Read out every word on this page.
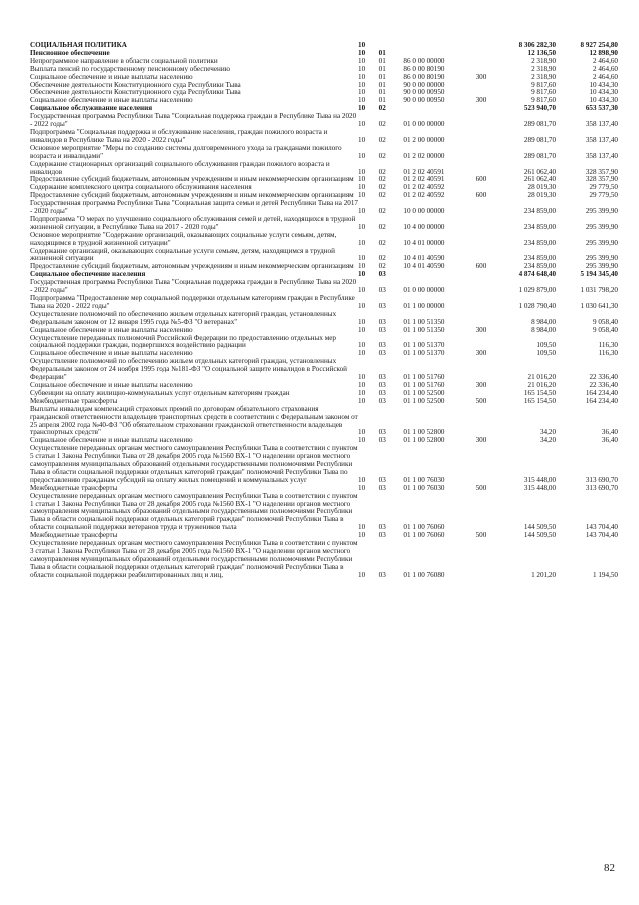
СОЦИАЛЬНАЯ ПОЛИТИКА	10				8 306 282,30	8 927 254,80
Пенсионное обеспечение	10	01			12 136,50	12 898,90
Непрограммное направление в области социальной политики	10	01	86 0 00 00000		2 318,90	2 464,60
Выплата пенсий по государственному пенсионному обеспечению	10	01	86 0 00 80190		2 318,90	2 464,60
Социальное обеспечение и иные выплаты населению	10	01	86 0 00 80190	300	2 318,90	2 464,60
Обеспечение деятельности Конституционного суда Республики Тыва	10	01	90 0 00 00000		9 817,60	10 434,30
Обеспечение деятельности Конституционного суда Республики Тыва	10	01	90 0 00 00950		9 817,60	10 434,30
Социальное обеспечение и иные выплаты населению	10	01	90 0 00 00950	300	9 817,60	10 434,30
Социальное обслуживание населения	10	02			523 940,70	653 537,30
Государственная программа Республики Тыва "Социальная поддержка граждан в Республике Тыва на 2020 - 2022 годы"	10	02	01 0 00 00000		289 081,70	358 137,40
Подпрограмма "Социальная поддержка и обслуживание населения, граждан пожилого возраста и инвалидов в Республике Тыва на 2020 - 2022 годы"	10	02	01 2 00 00000		289 081,70	358 137,40
Основное мероприятие "Меры по созданию системы долговременного ухода за гражданами пожилого возраста и инвалидами"	10	02	01 2 02 00000		289 081,70	358 137,40
Содержание стационарных организаций социального обслуживания граждан пожилого возраста и инвалидов	10	02	01 2 02 40591		261 062,40	328 357,90
Предоставление субсидий бюджетным, автономным учреждениям и иным некоммерческим организациям	10	02	01 2 02 40591	600	261 062,40	328 357,90
Содержание комплексного центра социального обслуживания населения	10	02	01 2 02 40592		28 019,30	29 779,50
Предоставление субсидий бюджетным, автономным учреждениям и иным некоммерческим организациям	10	02	01 2 02 40592	600	28 019,30	29 779,50
Государственная программа Республики Тыва "Социальная защита семьи и детей Республики Тыва на 2017 - 2020 годы"	10	02	10 0 00 00000		234 859,00	295 399,90
Подпрограмма "О мерах по улучшению социального обслуживания семей и детей, находящихся в трудной жизненной ситуации, в Республике Тыва на 2017 - 2020 годы"	10	02	10 4 00 00000		234 859,00	295 399,90
Основное мероприятие "Содержание организаций, оказывающих социальные услуги семьям, детям, находящимся в трудной жизненной ситуации"	10	02	10 4 01 00000		234 859,00	295 399,90
Содержание организаций, оказывающих социальные услуги семьям, детям, находящимся в трудной жизненной ситуации	10	02	10 4 01 40590		234 859,00	295 399,90
Предоставление субсидий бюджетным, автономным учреждениям и иным некоммерческим организациям	10	02	10 4 01 40590	600	234 859,00	295 399,90
Социальное обеспечение населения	10	03			4 874 648,40	5 194 345,40
Государственная программа Республики Тыва "Социальная поддержка граждан в Республике Тыва на 2020 - 2022 годы"	10	03	01 0 00 00000		1 029 879,00	1 031 798,20
Подпрограмма "Предоставление мер социальной поддержки отдельным категориям граждан в Республике Тыва на 2020 - 2022 годы"	10	03	01 1 00 00000		1 028 790,40	1 030 641,30
Осуществление полномочий по обеспечению жильем отдельных категорий граждан, установленных Федеральным законом от 12 января 1995 года №5-ФЗ "О ветеранах"	10	03	01 1 00 51350		8 984,00	9 058,40
Социальное обеспечение и иные выплаты населению	10	03	01 1 00 51350	300	8 984,00	9 058,40
Осуществление переданных полномочий Российской Федерации по предоставлению отдельных мер социальной поддержки граждан, подвергшихся воздействию радиации	10	03	01 1 00 51370		109,50	116,30
Социальное обеспечение и иные выплаты населению	10	03	01 1 00 51370	300	109,50	116,30
Осуществление полномочий по обеспечению жильем отдельных категорий граждан, установленных Федеральным законом от 24 ноября 1995 года №181-ФЗ "О социальной защите инвалидов в Российской Федерации"	10	03	01 1 00 51760		21 016,20	22 336,40
Социальное обеспечение и иные выплаты населению	10	03	01 1 00 51760	300	21 016,20	22 336,40
Субвенции на оплату жилищно-коммунальных услуг отдельным категориям граждан	10	03	01 1 00 52500		165 154,50	164 234,40
Межбюджетные трансферты	10	03	01 1 00 52500	500	165 154,50	164 234,40
Выплаты инвалидам компенсаций страховых премий по договорам обязательного страхования гражданской ответственности владельцев транспортных средств в соответствии с Федеральным законом от 25 апреля 2002 года №40-ФЗ "Об обязательном страховании гражданской ответственности владельцев транспортных средств"	10	03	01 1 00 52800		34,20	36,40
Социальное обеспечение и иные выплаты населению	10	03	01 1 00 52800	300	34,20	36,40
Осуществление переданных органам местного самоуправления Республики Тыва в соответствии с пунктом 5 статьи 1 Закона Республики Тыва от 28 декабря 2005 года №1560 ВХ-1 "О наделении органов местного самоуправления муниципальных образований отдельными государственными полномочиями Республики Тыва в области социальной поддержки отдельных категорий граждан" полномочий Республики Тыва по предоставлению гражданам субсидий на оплату жилых помещений и коммунальных услуг	10	03	01 1 00 76030		315 448,00	313 690,70
Межбюджетные трансферты	10	03	01 1 00 76030	500	315 448,00	313 690,70
Осуществление переданных органам местного самоуправления Республики Тыва в соответствии с пунктом 1 статьи 1 Закона Республики Тыва от 28 декабря 2005 года №1560 ВХ-1 "О наделении органов местного самоуправления муниципальных образований отдельными государственными полномочиями Республики Тыва в области социальной поддержки отдельных категорий граждан" полномочий Республики Тыва в области социальной поддержки ветеранов труда и тружеников тыла	10	03	01 1 00 76060		144 509,50	143 704,40
Межбюджетные трансферты	10	03	01 1 00 76060	500	144 509,50	143 704,40
Осуществление переданных органам местного самоуправления Республики Тыва в соответствии с пунктом 3 статьи 1 Закона Республики Тыва от 28 декабря 2005 года №1560 ВХ-1 "О наделении органов местного самоуправления муниципальных образований отдельными государственными полномочиями Республики Тыва в области социальной поддержки отдельных категорий граждан" полномочий Республики Тыва в области социальной поддержки реабилитированных лиц и лиц,	10	03	01 1 00 76080		1 201,20	1 194,50
82
